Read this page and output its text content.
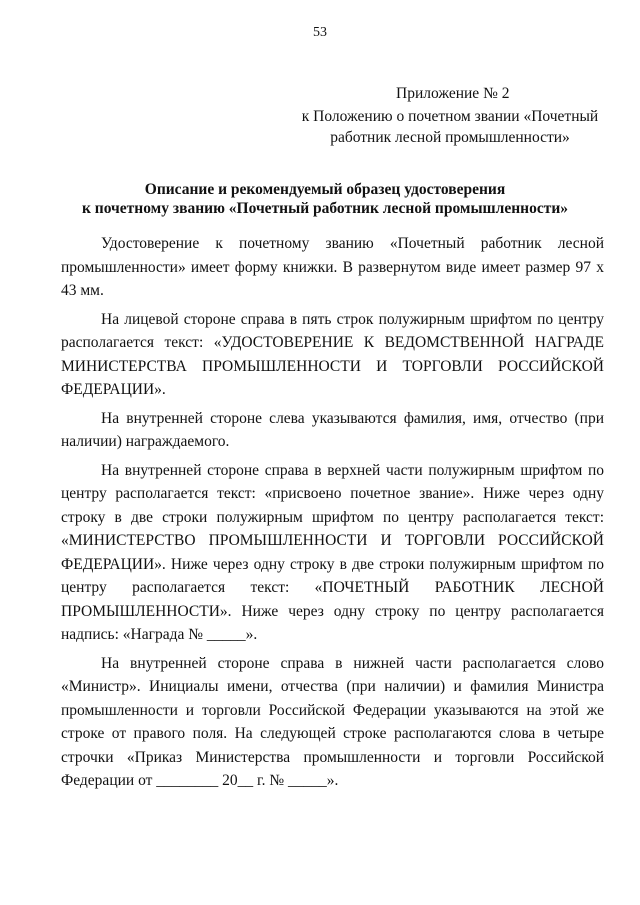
53
Приложение № 2
к Положению о почетном звании «Почетный
работник лесной промышленности»
Описание и рекомендуемый образец удостоверения
к почетному званию «Почетный работник лесной промышленности»

Удостоверение к почетному званию «Почетный работник лесной промышленности» имеет форму книжки. В развернутом виде имеет размер 97 х 43 мм.

На лицевой стороне справа в пять строк полужирным шрифтом по центру располагается текст: «УДОСТОВЕРЕНИЕ К ВЕДОМСТВЕННОЙ НАГРАДЕ МИНИСТЕРСТВА ПРОМЫШЛЕННОСТИ И ТОРГОВЛИ РОССИЙСКОЙ ФЕДЕРАЦИИ».

На внутренней стороне слева указываются фамилия, имя, отчество (при наличии) награждаемого.

На внутренней стороне справа в верхней части полужирным шрифтом по центру располагается текст: «присвоено почетное звание». Ниже через одну строку в две строки полужирным шрифтом по центру располагается текст: «МИНИСТЕРСТВО ПРОМЫШЛЕННОСТИ И ТОРГОВЛИ РОССИЙСКОЙ ФЕДЕРАЦИИ». Ниже через одну строку в две строки полужирным шрифтом по центру располагается текст: «ПОЧЕТНЫЙ РАБОТНИК ЛЕСНОЙ ПРОМЫШЛЕННОСТИ». Ниже через одну строку по центру располагается надпись: «Награда № _____».

На внутренней стороне справа в нижней части располагается слово «Министр». Инициалы имени, отчества (при наличии) и фамилия Министра промышленности и торговли Российской Федерации указываются на этой же строке от правого поля. На следующей строке располагаются слова в четыре строчки «Приказ Министерства промышленности и торговли Российской Федерации от ________ 20__ г. № _____».
